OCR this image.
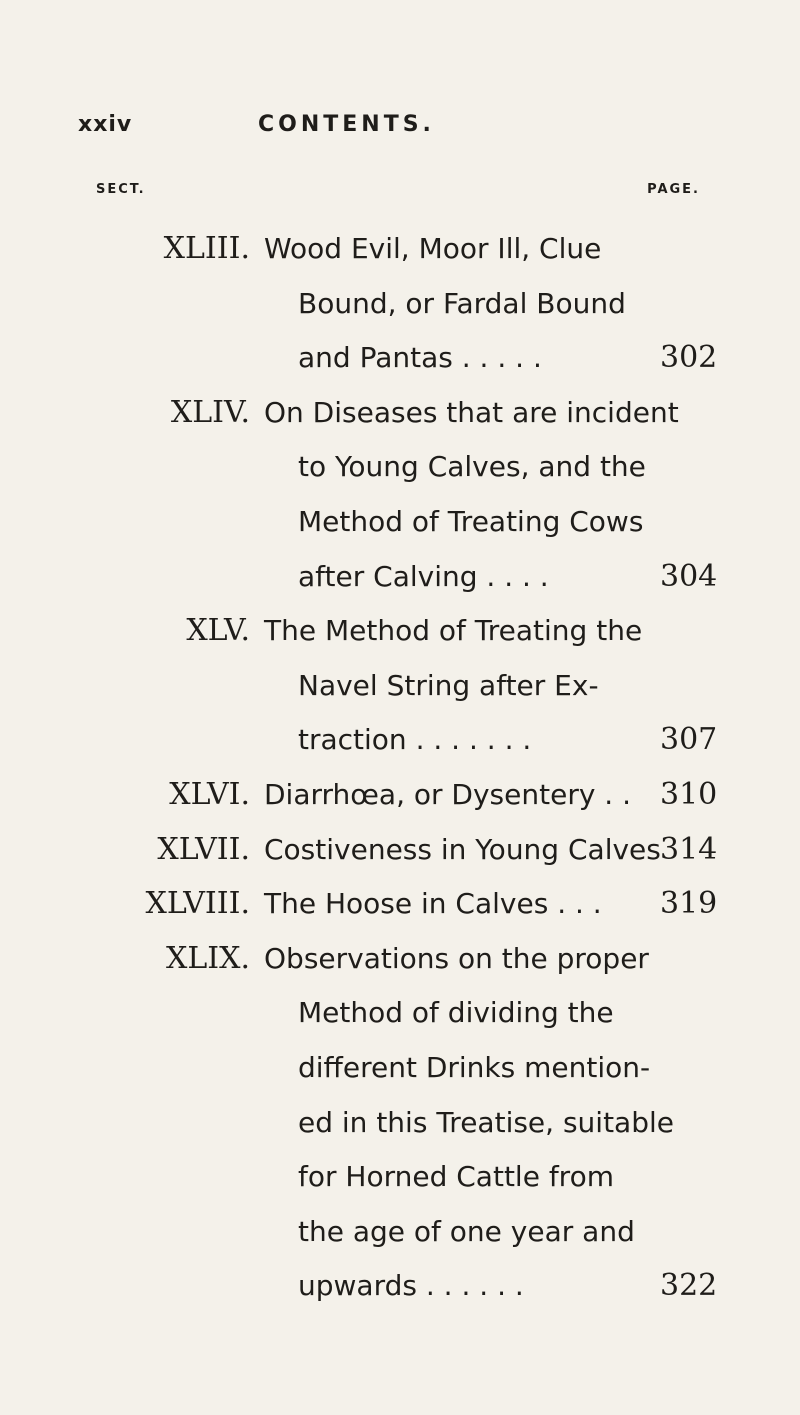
xxiv	CONTENTS.
SECT.	PAGE.
XLIII. Wood Evil, Moor Ill, Clue
Bound, or Fardal Bound
and Pantas . . . . .	302
XLIV. On Diseases that are incident
to Young Calves, and the
Method of Treating Cows
after Calving . . . .	304
XLV. The Method of Treating the
Navel String after Ex-
traction . . . . . . .	307
XLVI. Diarrhœa, or Dysentery . . 310
XLVII. Costiveness in Young Calves 314
XLVIII. The Hoose in Calves . . . 319
XLIX. Observations on the proper
Method of dividing the
different Drinks mention-
ed in this Treatise, suitable
for Horned Cattle from
the age of one year and
upwards . . . . . .	322
